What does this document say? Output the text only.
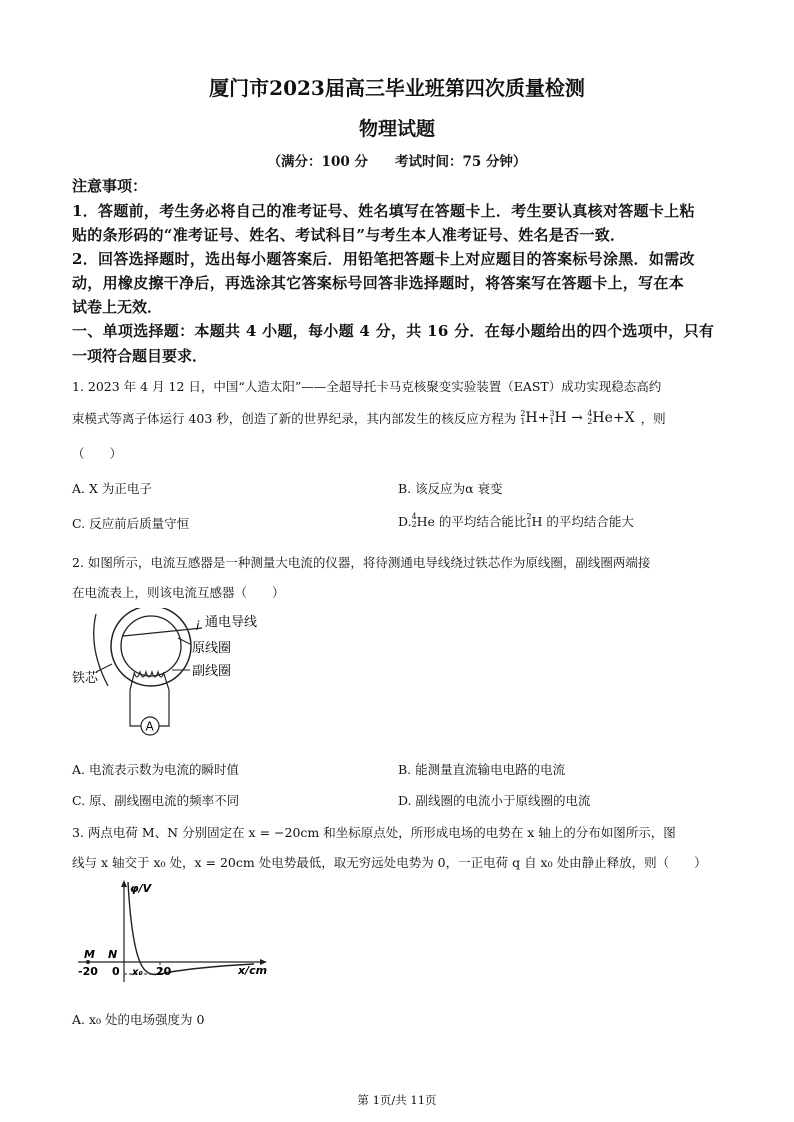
厦门市2023届高三毕业班第四次质量检测
物理试题
（满分：100 分　　考试时间：75 分钟）
注意事项：
1．答题前，考生务必将自己的准考证号、姓名填写在答题卡上．考生要认真核对答题卡上粘
贴的条形码的“准考证号、姓名、考试科目”与考生本人准考证号、姓名是否一致．
2．回答选择题时，选出每小题答案后．用铅笔把答题卡上对应题目的答案标号涂黑．如需改
动，用橡皮擦干净后，再选涂其它答案标号回答非选择题时，将答案写在答题卡上，写在本
试卷上无效．
一、单项选择题：本题共 4 小题，每小题 4 分，共 16 分．在每小题给出的四个选项中，只有
一项符合题目要求．
1. 2023 年 4 月 12 日，中国“人造太阳”——全超导托卡马克核聚变实验装置（EAST）成功实现稳态高约
束模式等离子体运行 403 秒，创造了新的世界纪录，其内部发生的核反应方程为 2
1 H+ 3
1 H → 4
2 He+X ，则
（　　）
A. X 为正电子	B. 该反应为α 衰变
C. 反应前后质量守恒	D. 4
2 He 的平均结合能比 2
1 H 的平均结合能大
2. 如图所示，电流互感器是一种测量大电流的仪器，将待测通电导线绕过铁芯作为原线圈，副线圈两端接
在电流表上，则该电流互感器（　　）
A
i 通电导线
原线圈
副线圈
铁芯
A. 电流表示数为电流的瞬时值	B. 能测量直流输电电路的电流
C. 原、副线圈电流的频率不同	D. 副线圈的电流小于原线圈的电流
3. 两点电荷 M、N 分别固定在 x = −20cm 和坐标原点处，所形成电场的电势在 x 轴上的分布如图所示，图
线与 x 轴交于 x₀ 处，x = 20cm 处电势最低，取无穷远处电势为 0，一正电荷 q 自 x₀ 处由静止释放，则（　　）
φ/V
x/cm
M N
-20 0 x₀ 20
A. x₀ 处的电场强度为 0
第 1页/共 11页
